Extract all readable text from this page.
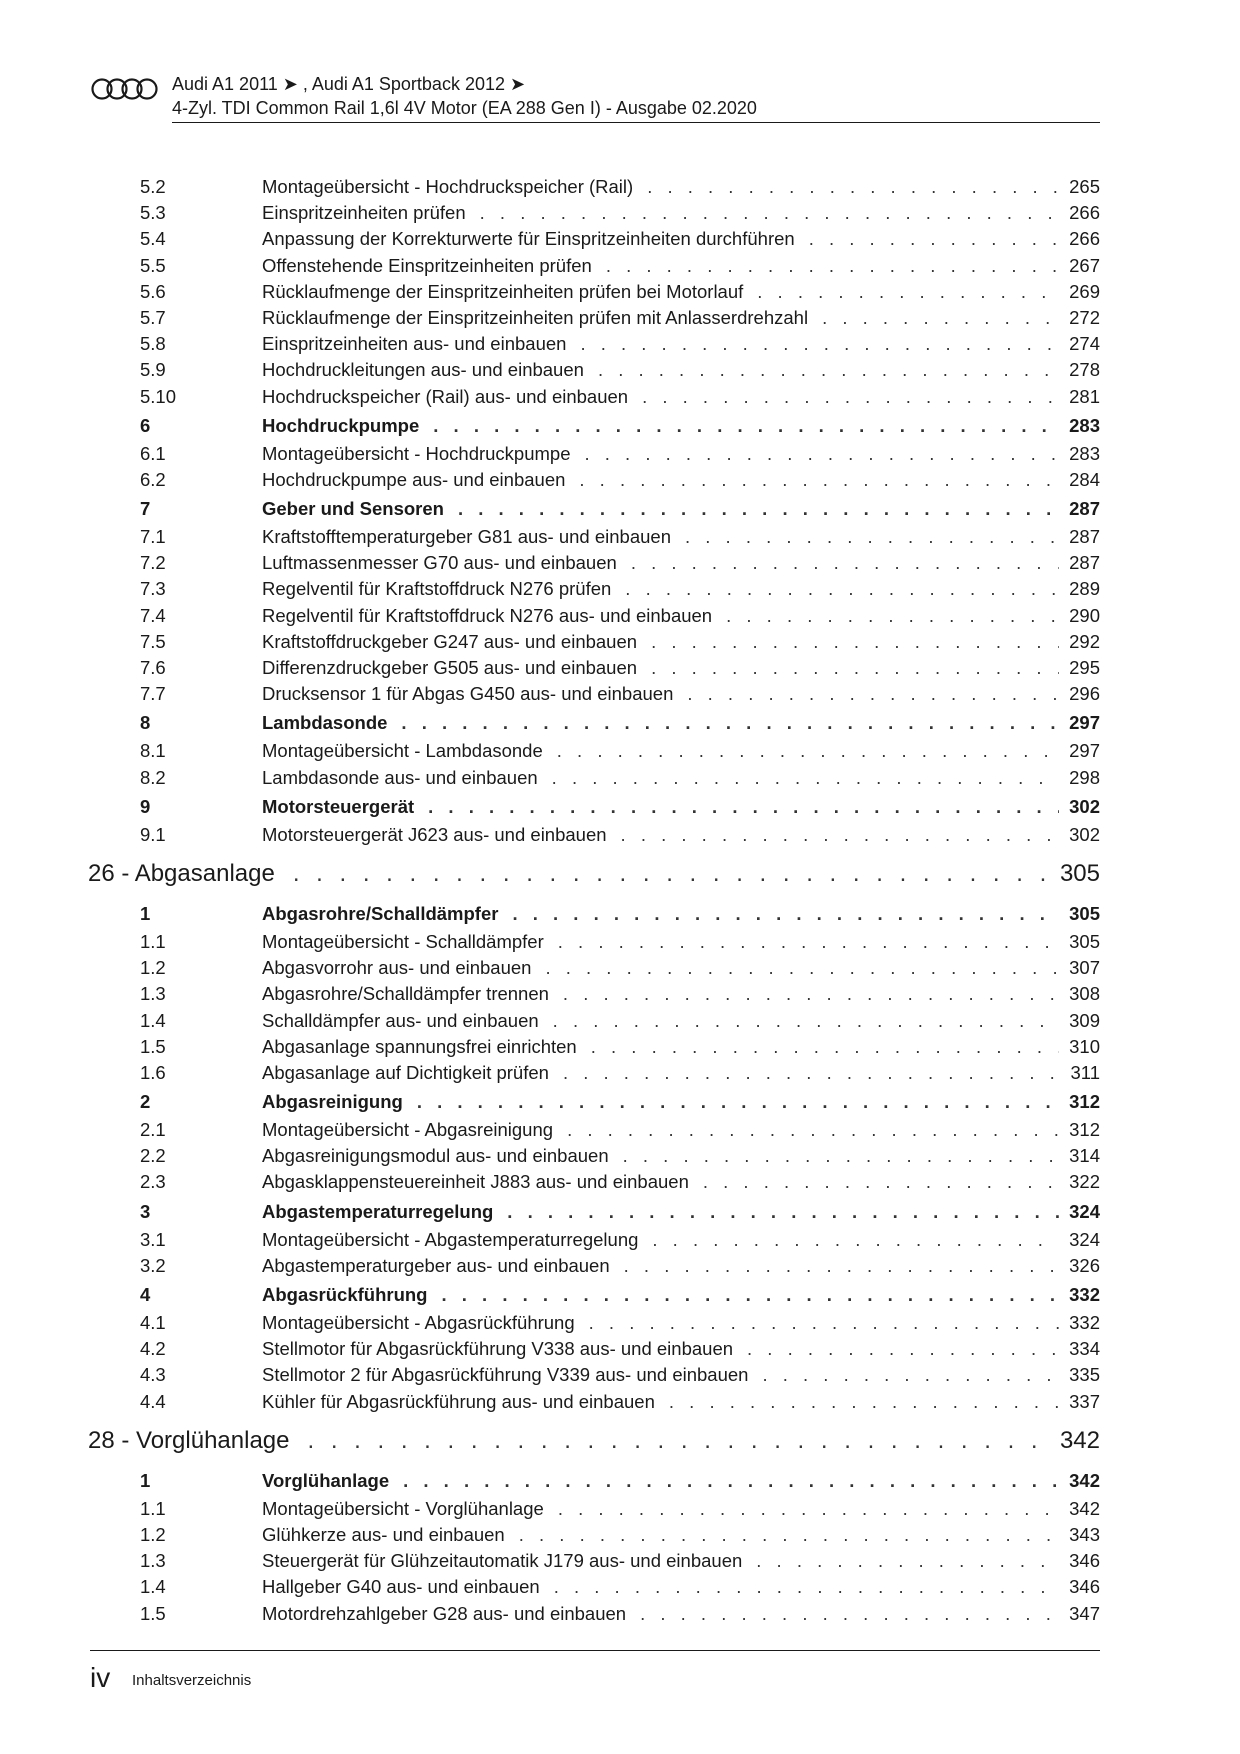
Audi A1 2011 ➤ , Audi A1 Sportback 2012 ➤
4-Zyl. TDI Common Rail 1,6l 4V Motor (EA 288 Gen I) - Ausgabe 02.2020
5.2	Montageübersicht - Hochdruckspeicher (Rail) . . .	265
5.3	Einspritzeinheiten prüfen . . .	266
5.4	Anpassung der Korrekturwerte für Einspritzeinheiten durchführen . . .	266
5.5	Offenstehende Einspritzeinheiten prüfen . . .	267
5.6	Rücklaufmenge der Einspritzeinheiten prüfen bei Motorlauf . . .	269
5.7	Rücklaufmenge der Einspritzeinheiten prüfen mit Anlasserdrehzahl . . .	272
5.8	Einspritzeinheiten aus- und einbauen . . .	274
5.9	Hochdruckleitungen aus- und einbauen . . .	278
5.10	Hochdruckspeicher (Rail) aus- und einbauen . . .	281
6	Hochdruckpumpe . . .	283
6.1	Montageübersicht - Hochdruckpumpe . . .	283
6.2	Hochdruckpumpe aus- und einbauen . . .	284
7	Geber und Sensoren . . .	287
7.1	Kraftstofftemperaturgeber G81 aus- und einbauen . . .	287
7.2	Luftmassenmesser G70 aus- und einbauen . . .	287
7.3	Regelventil für Kraftstoffdruck N276 prüfen . . .	289
7.4	Regelventil für Kraftstoffdruck N276 aus- und einbauen . . .	290
7.5	Kraftstoffdruckgeber G247 aus- und einbauen . . .	292
7.6	Differenzdruckgeber G505 aus- und einbauen . . .	295
7.7	Drucksensor 1 für Abgas G450 aus- und einbauen . . .	296
8	Lambdasonde . . .	297
8.1	Montageübersicht - Lambdasonde . . .	297
8.2	Lambdasonde aus- und einbauen . . .	298
9	Motorsteuergerät . . .	302
9.1	Motorsteuergerät J623 aus- und einbauen . . .	302
26 - Abgasanlage . . .	305
1	Abgasrohre/Schalldämpfer . . .	305
1.1	Montageübersicht - Schalldämpfer . . .	305
1.2	Abgasvorrohr aus- und einbauen . . .	307
1.3	Abgasrohre/Schalldämpfer trennen . . .	308
1.4	Schalldämpfer aus- und einbauen . . .	309
1.5	Abgasanlage spannungsfrei einrichten . . .	310
1.6	Abgasanlage auf Dichtigkeit prüfen . . .	311
2	Abgasreinigung . . .	312
2.1	Montageübersicht - Abgasreinigung . . .	312
2.2	Abgasreinigungsmodul aus- und einbauen . . .	314
2.3	Abgasklappensteuereinheit J883 aus- und einbauen . . .	322
3	Abgastemperaturregelung . . .	324
3.1	Montageübersicht - Abgastemperaturregelung . . .	324
3.2	Abgastemperaturgeber aus- und einbauen . . .	326
4	Abgasrückführung . . .	332
4.1	Montageübersicht - Abgasrückführung . . .	332
4.2	Stellmotor für Abgasrückführung V338 aus- und einbauen . . .	334
4.3	Stellmotor 2 für Abgasrückführung V339 aus- und einbauen . . .	335
4.4	Kühler für Abgasrückführung aus- und einbauen . . .	337
28 - Vorglühanlage . . .	342
1	Vorglühanlage . . .	342
1.1	Montageübersicht - Vorglühanlage . . .	342
1.2	Glühkerze aus- und einbauen . . .	343
1.3	Steuergerät für Glühzeitautomatik J179 aus- und einbauen . . .	346
1.4	Hallgeber G40 aus- und einbauen . . .	346
1.5	Motordrehzahlgeber G28 aus- und einbauen . . .	347
iv Inhaltsverzeichnis
